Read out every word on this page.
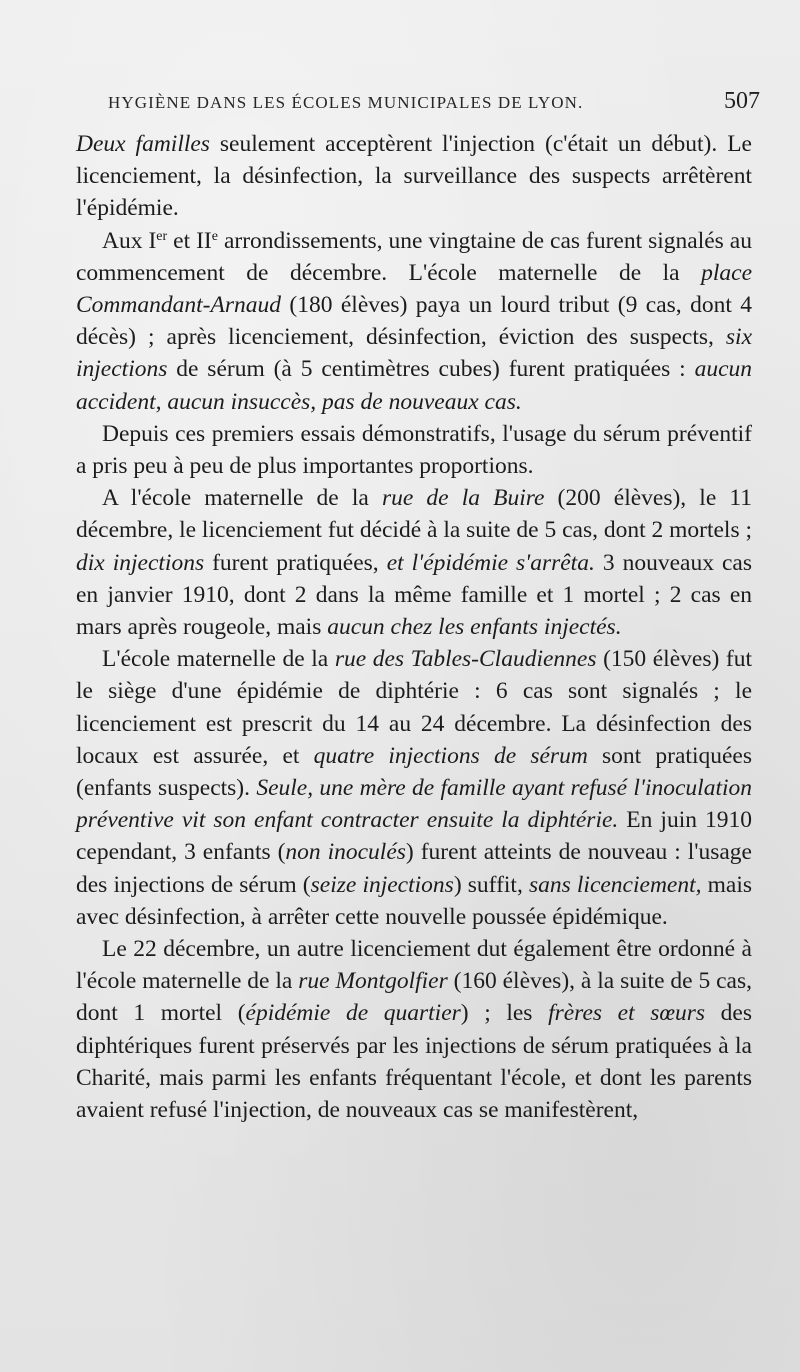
HYGIÈNE DANS LES ÉCOLES MUNICIPALES DE LYON.	507

Deux familles seulement acceptèrent l'injection (c'était un début). Le licenciement, la désinfection, la surveillance des suspects arrêtèrent l'épidémie.

Aux Ier et IIe arrondissements, une vingtaine de cas furent signalés au commencement de décembre. L'école maternelle de la place Commandant-Arnaud (180 élèves) paya un lourd tribut (9 cas, dont 4 décès) ; après licenciement, désinfection, éviction des suspects, six injections de sérum (à 5 centimètres cubes) furent pratiquées : aucun accident, aucun insuccès, pas de nouveaux cas.

Depuis ces premiers essais démonstratifs, l'usage du sérum préventif a pris peu à peu de plus importantes proportions.

A l'école maternelle de la rue de la Buire (200 élèves), le 11 décembre, le licenciement fut décidé à la suite de 5 cas, dont 2 mortels ; dix injections furent pratiquées, et l'épidémie s'arrêta. 3 nouveaux cas en janvier 1910, dont 2 dans la même famille et 1 mortel ; 2 cas en mars après rougeole, mais aucun chez les enfants injectés.

L'école maternelle de la rue des Tables-Claudiennes (150 élèves) fut le siège d'une épidémie de diphtérie : 6 cas sont signalés ; le licenciement est prescrit du 14 au 24 décembre. La désinfection des locaux est assurée, et quatre injections de sérum sont pratiquées (enfants suspects). Seule, une mère de famille ayant refusé l'inoculation préventive vit son enfant contracter ensuite la diphtérie. En juin 1910 cependant, 3 enfants (non inoculés) furent atteints de nouveau : l'usage des injections de sérum (seize injections) suffit, sans licenciement, mais avec désinfection, à arrêter cette nouvelle poussée épidémique.

Le 22 décembre, un autre licenciement dut également être ordonné à l'école maternelle de la rue Montgolfier (160 élèves), à la suite de 5 cas, dont 1 mortel (épidémie de quartier) ; les frères et sœurs des diphtériques furent préservés par les injections de sérum pratiquées à la Charité, mais parmi les enfants fréquentant l'école, et dont les parents avaient refusé l'injection, de nouveaux cas se manifestèrent,
